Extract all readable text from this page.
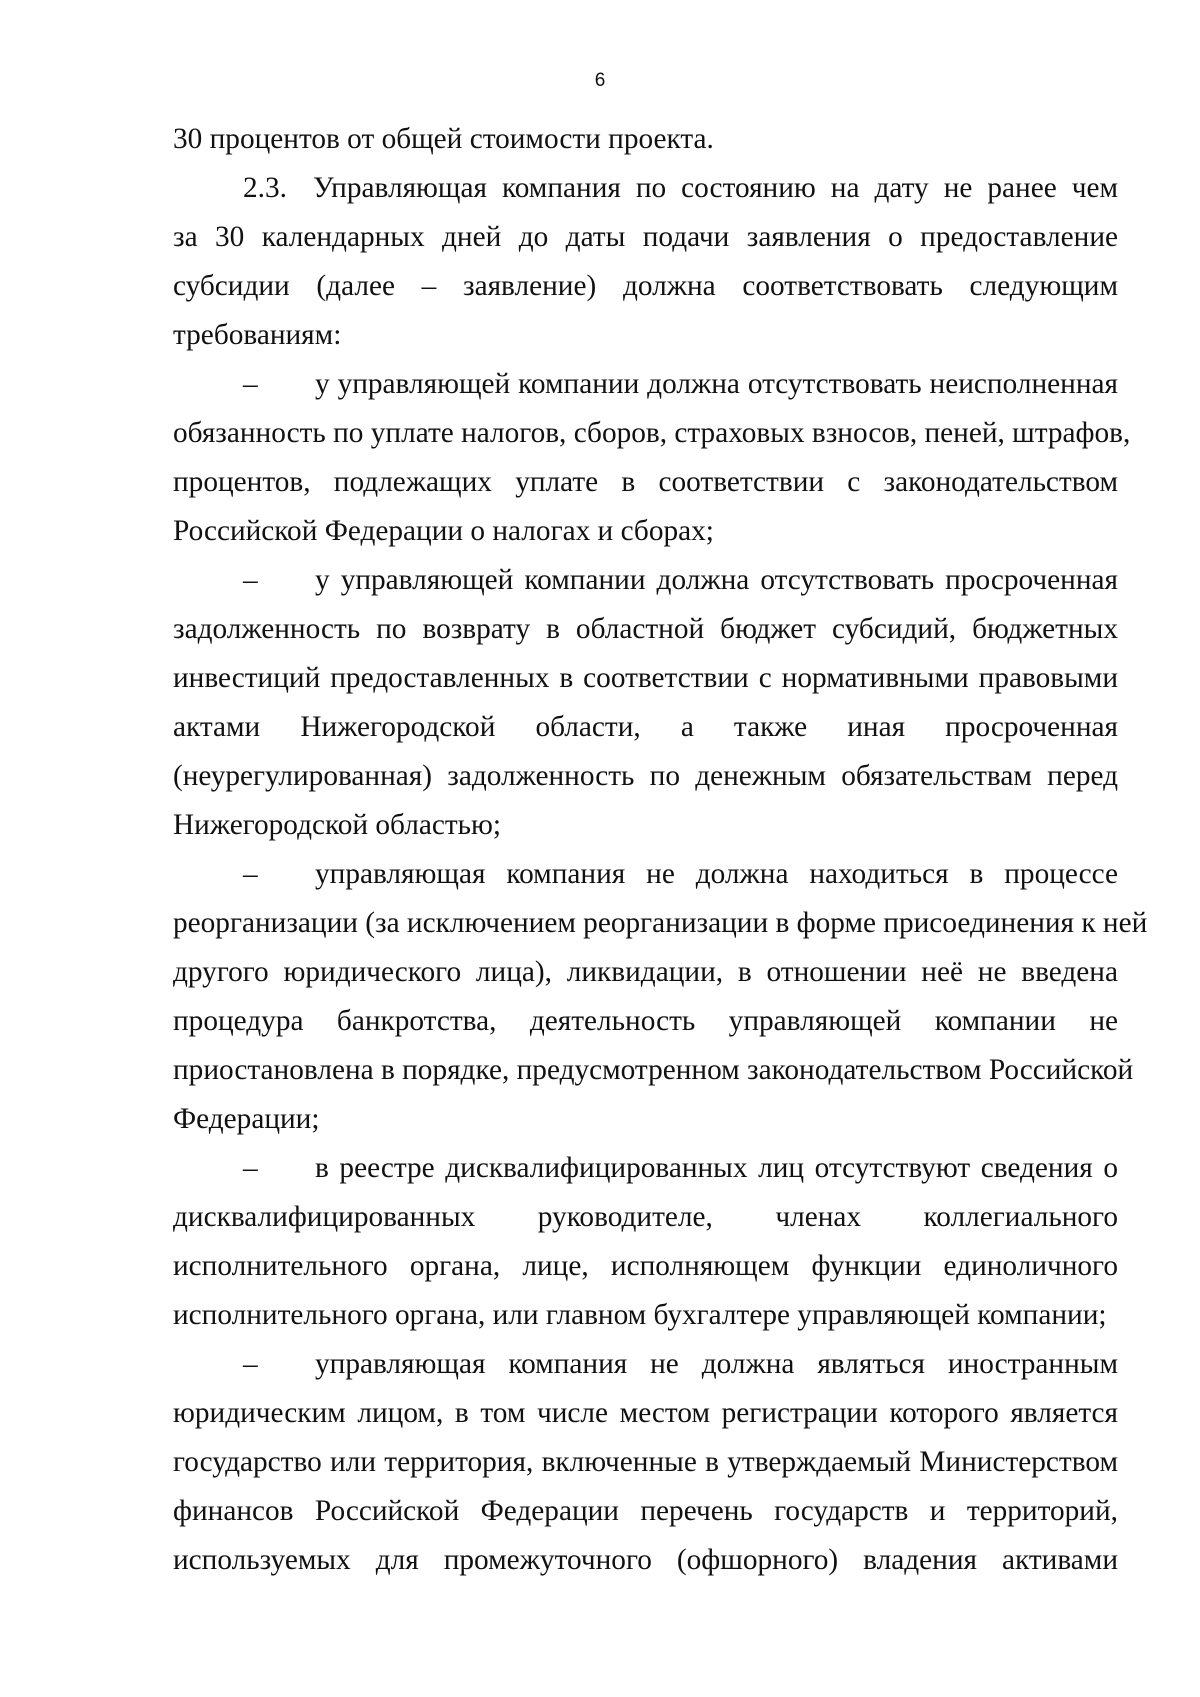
6
30 процентов от общей стоимости проекта.
2.3. Управляющая компания по состоянию на дату не ранее чем
за 30 календарных дней до даты подачи заявления о предоставление
субсидии (далее – заявление) должна соответствовать следующим
требованиям:
– у управляющей компании должна отсутствовать неисполненная
обязанность по уплате налогов, сборов, страховых взносов, пеней, штрафов,
процентов, подлежащих уплате в соответствии с законодательством
Российской Федерации о налогах и сборах;
– у управляющей компании должна отсутствовать просроченная
задолженность по возврату в областной бюджет субсидий, бюджетных
инвестиций предоставленных в соответствии с нормативными правовыми
актами Нижегородской области, а также иная просроченная
(неурегулированная) задолженность по денежным обязательствам перед
Нижегородской областью;
– управляющая компания не должна находиться в процессе
реорганизации (за исключением реорганизации в форме присоединения к ней
другого юридического лица), ликвидации, в отношении неё не введена
процедура банкротства, деятельность управляющей компании не
приостановлена в порядке, предусмотренном законодательством Российской
Федерации;
– в реестре дисквалифицированных лиц отсутствуют сведения о
дисквалифицированных руководителе, членах коллегиального
исполнительного органа, лице, исполняющем функции единоличного
исполнительного органа, или главном бухгалтере управляющей компании;
– управляющая компания не должна являться иностранным
юридическим лицом, в том числе местом регистрации которого является
государство или территория, включенные в утверждаемый Министерством
финансов Российской Федерации перечень государств и территорий,
используемых для промежуточного (офшорного) владения активами
